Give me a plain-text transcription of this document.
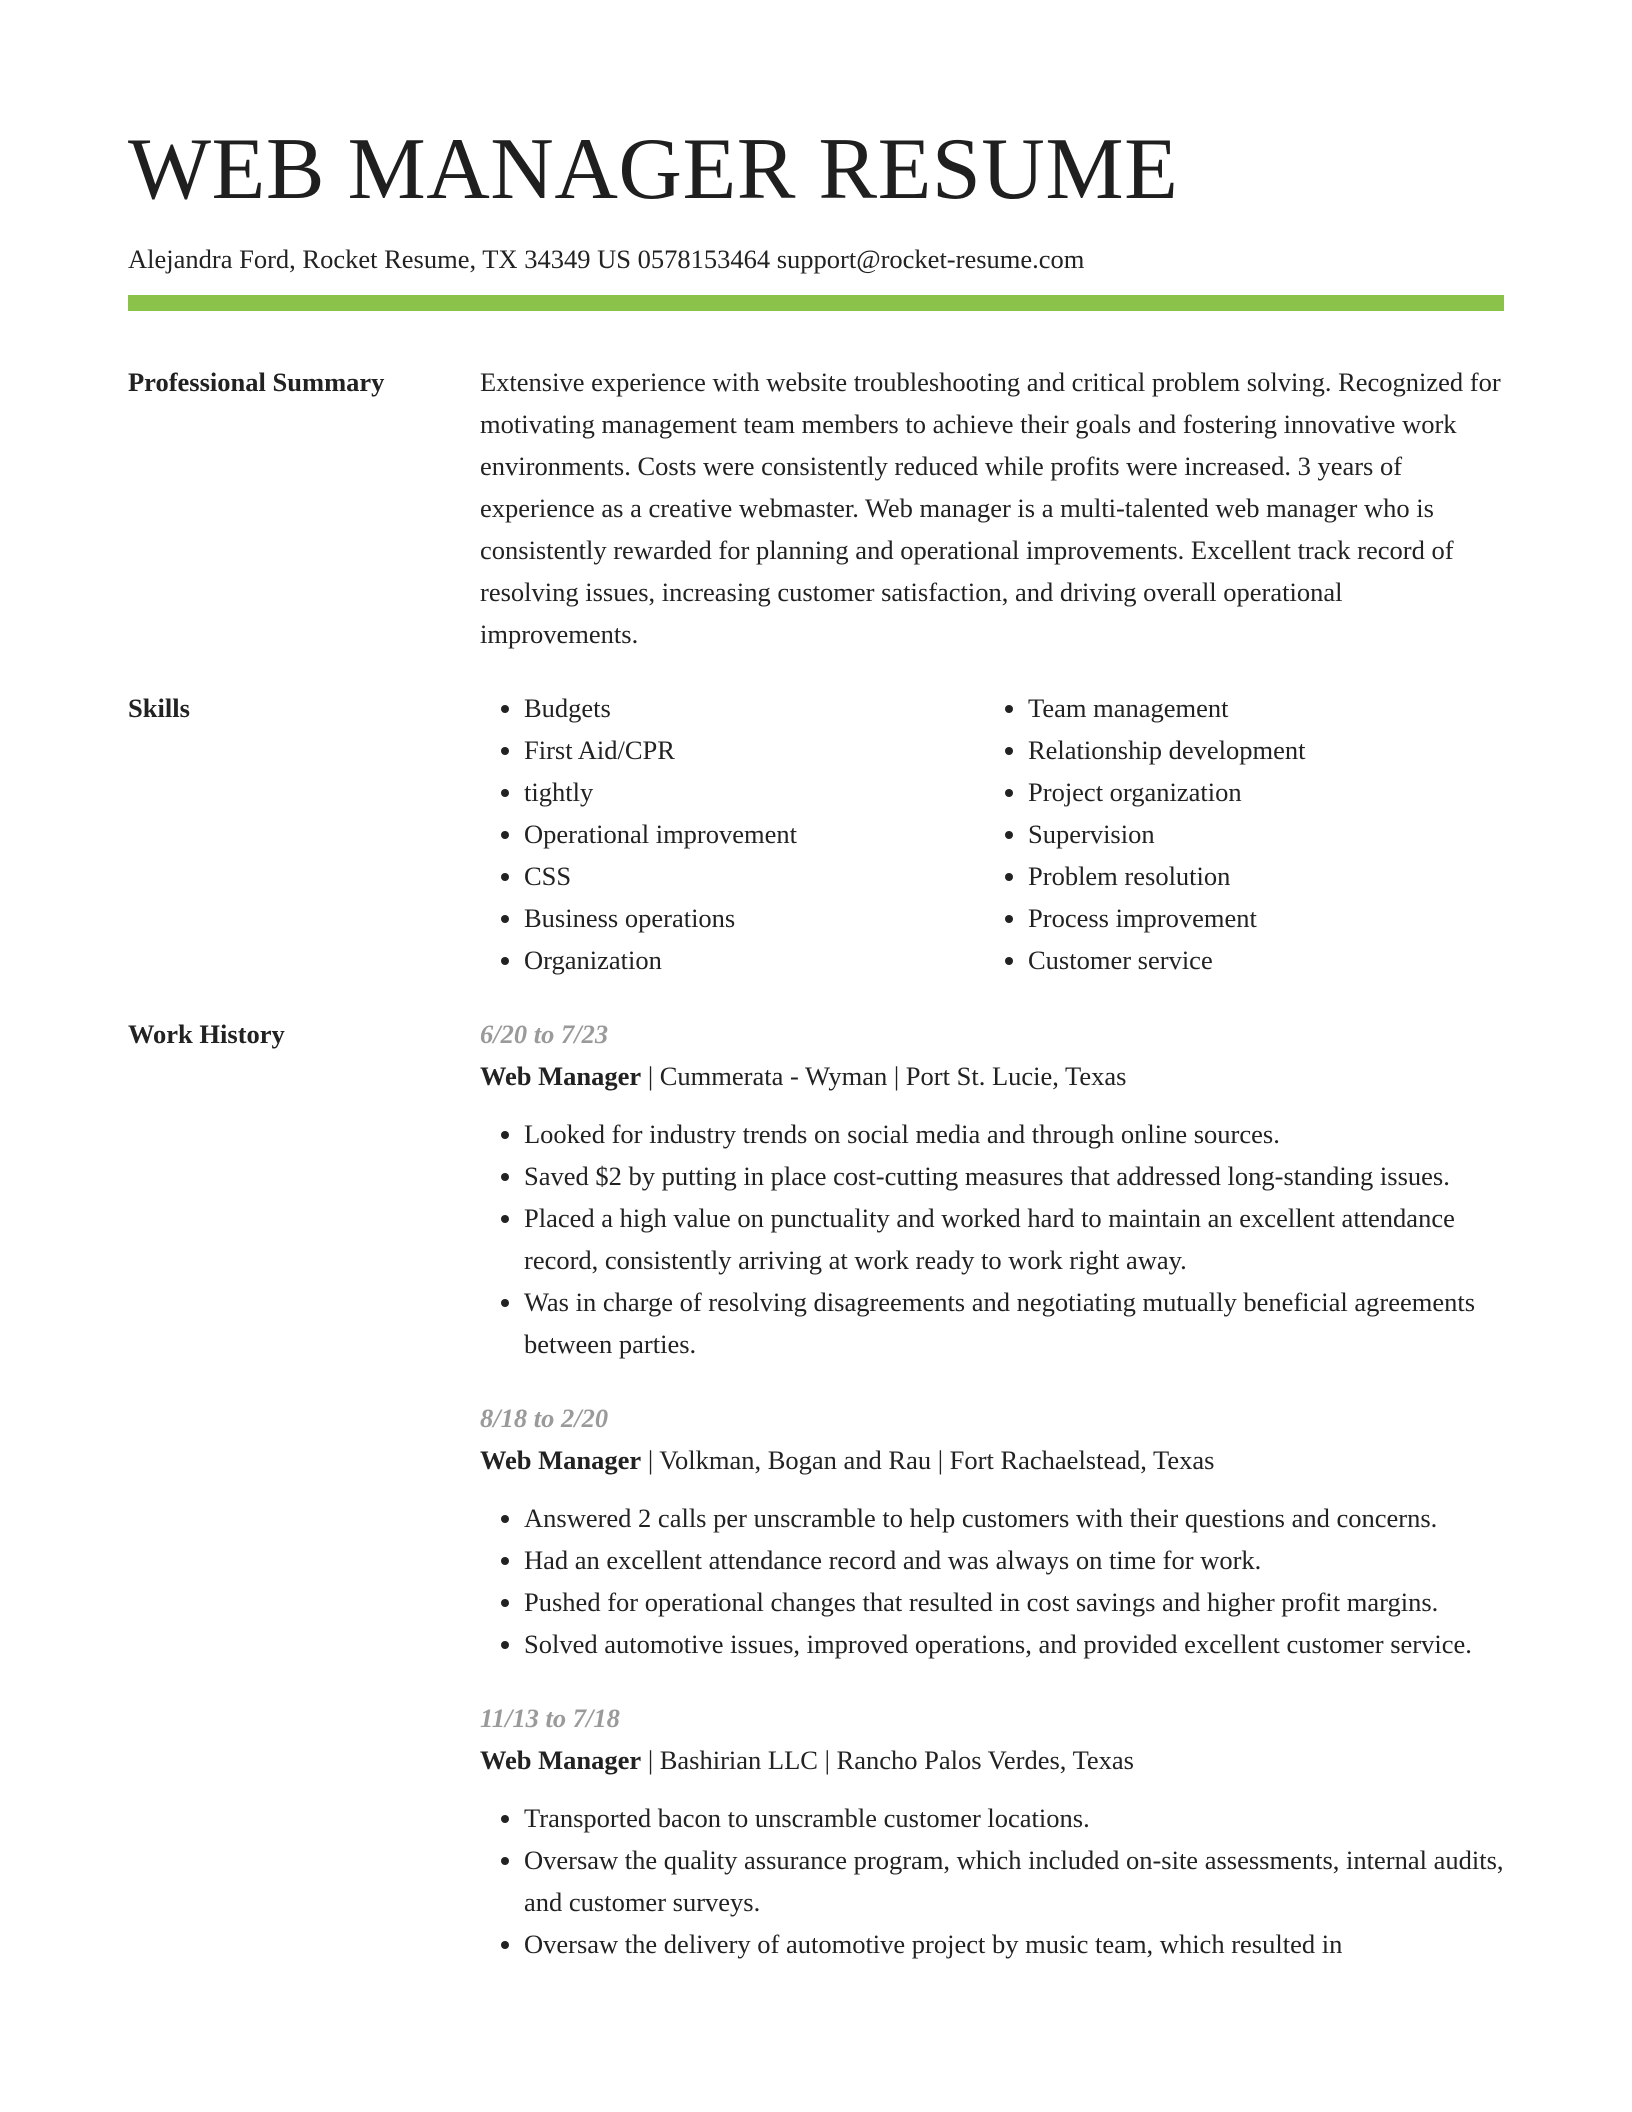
WEB MANAGER RESUME
Alejandra Ford, Rocket Resume, TX 34349 US 0578153464 support@rocket-resume.com
Professional Summary	Extensive experience with website troubleshooting and critical problem solving. Recognized for motivating management team members to achieve their goals and fostering innovative work environments. Costs were consistently reduced while profits were increased. 3 years of experience as a creative webmaster. Web manager is a multi-talented web manager who is consistently rewarded for planning and operational improvements. Excellent track record of resolving issues, increasing customer satisfaction, and driving overall operational improvements.

Skills
•	Budgets
• First Aid/CPR
• tightly
• Operational improvement
• CSS
• Business operations
• Organization
• Team management
• Relationship development
• Project organization
• Supervision
• Problem resolution
• Process improvement
• Customer service
Work History	6/20 to 7/23
Web Manager | Cummerata - Wyman | Port St. Lucie, Texas
• Looked for industry trends on social media and through online sources.
• Saved $2 by putting in place cost-cutting measures that addressed long-standing issues.
• Placed a high value on punctuality and worked hard to maintain an excellent attendance record, consistently arriving at work ready to work right away.
• Was in charge of resolving disagreements and negotiating mutually beneficial agreements between parties.
8/18 to 2/20
Web Manager | Volkman, Bogan and Rau | Fort Rachaelstead, Texas
• Answered 2 calls per unscramble to help customers with their questions and concerns.
• Had an excellent attendance record and was always on time for work.
• Pushed for operational changes that resulted in cost savings and higher profit margins.
• Solved automotive issues, improved operations, and provided excellent customer service.
11/13 to 7/18
Web Manager | Bashirian LLC | Rancho Palos Verdes, Texas
• Transported bacon to unscramble customer locations.
• Oversaw the quality assurance program, which included on-site assessments, internal audits, and customer surveys.
• Oversaw the delivery of automotive project by music team, which resulted in
